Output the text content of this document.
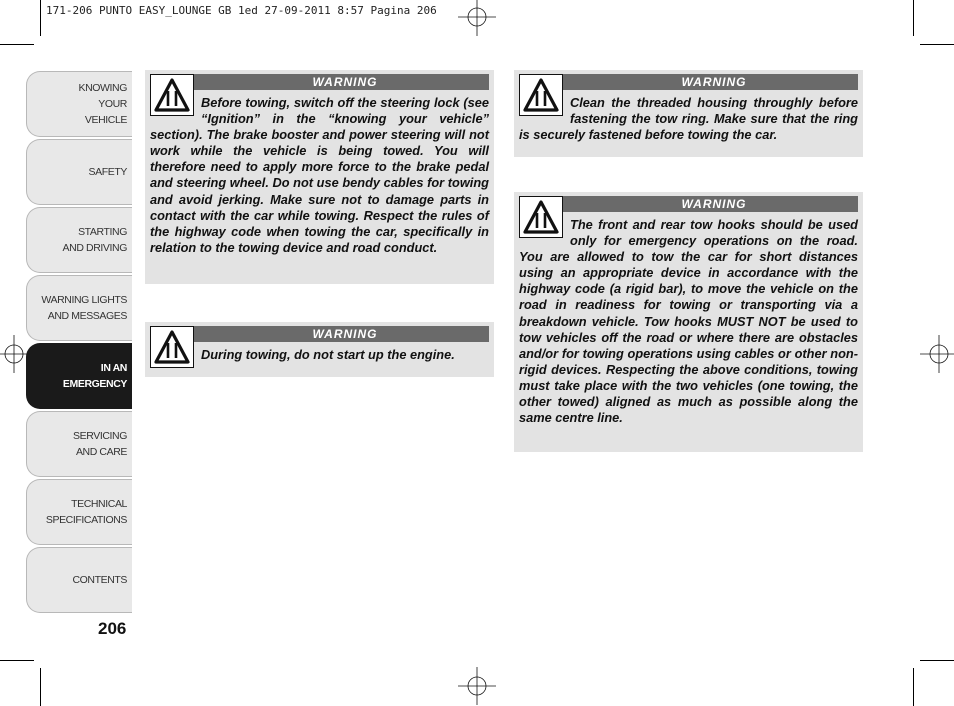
171-206 PUNTO EASY_LOUNGE GB 1ed 27-09-2011 8:57 Pagina 206
KNOWING
YOUR
VEHICLE
SAFETY
STARTING
AND DRIVING
WARNING LIGHTS
AND MESSAGES
IN AN
EMERGENCY
SERVICING
AND CARE
TECHNICAL
SPECIFICATIONS
CONTENTS
206
WARNING

Before towing, switch off the steering lock (see “Ignition” in the “knowing your vehicle” section). The brake booster and power steering will not work while the vehicle is being towed. You will therefore need to apply more force to the brake pedal and steering wheel. Do not use bendy cables for towing and avoid jerking. Make sure not to damage parts in contact with the car while towing. Respect the rules of the highway code when towing the car, specifically in relation to the towing device and road conduct.

WARNING

During towing, do not start up the engine.

WARNING

Clean the threaded housing throughly before fastening the tow ring. Make sure that the ring is securely fastened before towing the car.

WARNING

The front and rear tow hooks should be used only for emergency operations on the road. You are allowed to tow the car for short distances using an appropriate device in accordance with the highway code (a rigid bar), to move the vehicle on the road in readiness for towing or transporting via a breakdown vehicle. Tow hooks MUST NOT be used to tow vehicles off the road or where there are obstacles and/or for towing operations using cables or other non-rigid devices. Respecting the above conditions, towing must take place with the two vehicles (one towing, the other towed) aligned as much as possible along the same centre line.
